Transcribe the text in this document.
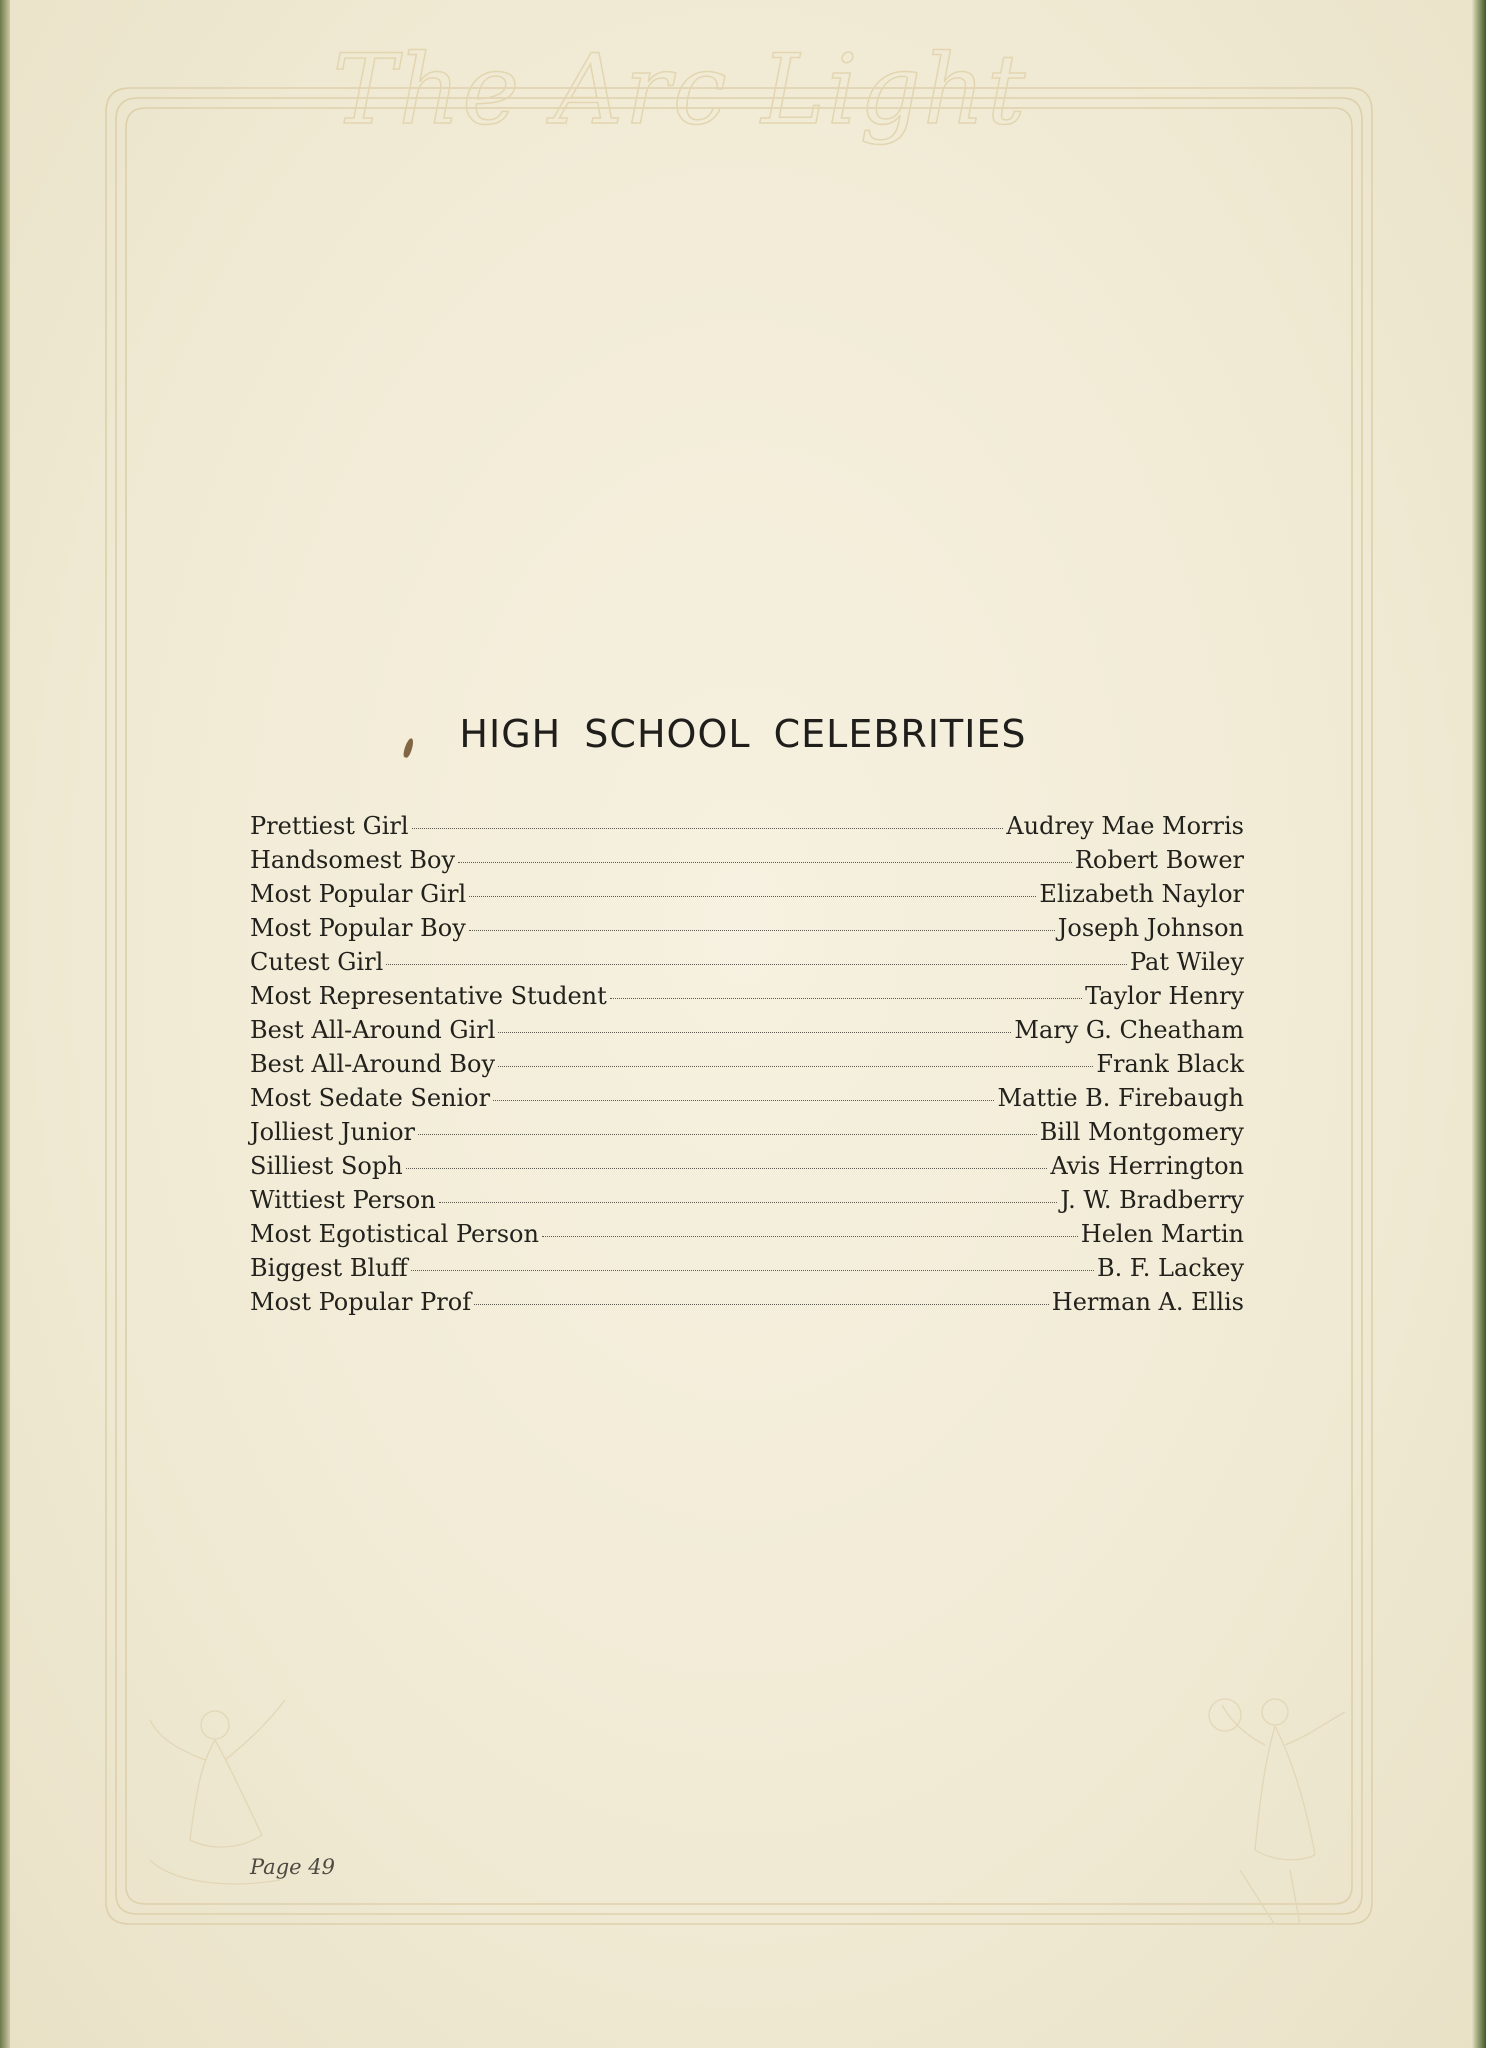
The Arc Light
HIGH SCHOOL CELEBRITIES
Prettiest Girl	Audrey Mae Morris
Handsomest Boy	Robert Bower
Most Popular Girl	Elizabeth Naylor
Most Popular Boy	Joseph Johnson
Cutest Girl	Pat Wiley
Most Representative Student	Taylor Henry
Best All-Around Girl	Mary G. Cheatham
Best All-Around Boy	Frank Black
Most Sedate Senior	Mattie B. Firebaugh
Jolliest Junior	Bill Montgomery
Silliest Soph	Avis Herrington
Wittiest Person	J. W. Bradberry
Most Egotistical Person	Helen Martin
Biggest Bluff	B. F. Lackey
Most Popular Prof	Herman A. Ellis
Page 49
